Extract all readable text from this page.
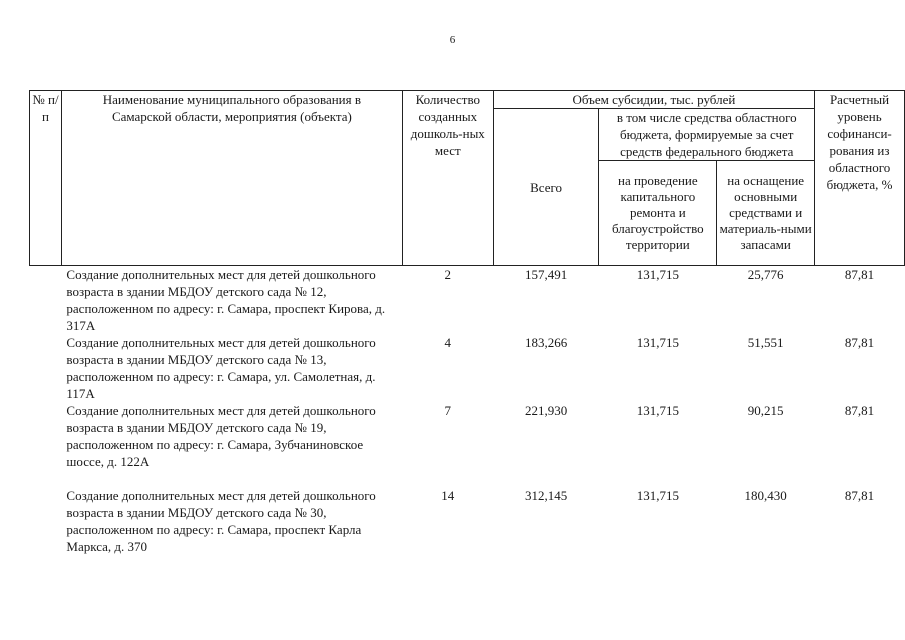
6
№ п/п	Наименование муниципального образования в Самарской области, мероприятия (объекта)	Количество созданных дошколь-ных мест	Объем субсидии, тыс. рублей			Расчетный уровень софинанси-рования из областного бюджета, %
			Всего	в том числе средства областного бюджета, формируемые за счет средств федерального бюджета		
				на проведение капитального ремонта и благоустройство территории	на оснащение основными средствами и материаль-ными запасами	
	Создание дополнительных мест для детей дошкольного возраста в здании МБДОУ детского сада № 12, расположенном по адресу: г. Самара, проспект Кирова, д. 317А	2	157,491	131,715	25,776	87,81
	Создание дополнительных мест для детей дошкольного возраста в здании МБДОУ детского сада № 13, расположенном по адресу: г. Самара, ул. Самолетная, д. 117А	4	183,266	131,715	51,551	87,81
	Создание дополнительных мест для детей дошкольного возраста в здании МБДОУ детского сада № 19, расположенном по адресу: г. Самара, Зубчаниновское шоссе, д. 122А	7	221,930	131,715	90,215	87,81
	Создание дополнительных мест для детей дошкольного возраста в здании МБДОУ детского сада № 30, расположенном по адресу: г. Самара, проспект Карла Маркса, д. 370	14	312,145	131,715	180,430	87,81
